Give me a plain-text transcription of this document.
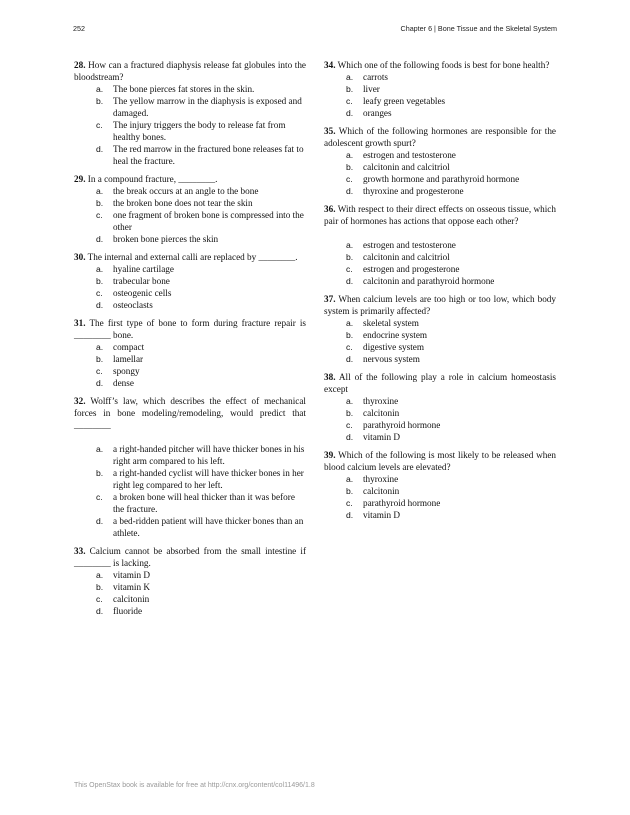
252	Chapter 6 | Bone Tissue and the Skeletal System
28. How can a fractured diaphysis release fat globules into the bloodstream?
a. The bone pierces fat stores in the skin.
b. The yellow marrow in the diaphysis is exposed and damaged.
c. The injury triggers the body to release fat from healthy bones.
d. The red marrow in the fractured bone releases fat to heal the fracture.
29. In a compound fracture, ________.
a. the break occurs at an angle to the bone
b. the broken bone does not tear the skin
c. one fragment of broken bone is compressed into the other
d. broken bone pierces the skin
30. The internal and external calli are replaced by ________.
a. hyaline cartilage
b. trabecular bone
c. osteogenic cells
d. osteoclasts
31. The first type of bone to form during fracture repair is ________ bone.
a. compact
b. lamellar
c. spongy
d. dense
32. Wolff’s law, which describes the effect of mechanical forces in bone modeling/remodeling, would predict that ________
a. a right-handed pitcher will have thicker bones in his right arm compared to his left.
b. a right-handed cyclist will have thicker bones in her right leg compared to her left.
c. a broken bone will heal thicker than it was before the fracture.
d. a bed-ridden patient will have thicker bones than an athlete.
33. Calcium cannot be absorbed from the small intestine if ________ is lacking.
a. vitamin D
b. vitamin K
c. calcitonin
d. fluoride
34. Which one of the following foods is best for bone health?
a. carrots
b. liver
c. leafy green vegetables
d. oranges
35. Which of the following hormones are responsible for the adolescent growth spurt?
a. estrogen and testosterone
b. calcitonin and calcitriol
c. growth hormone and parathyroid hormone
d. thyroxine and progesterone
36. With respect to their direct effects on osseous tissue, which pair of hormones has actions that oppose each other?
a. estrogen and testosterone
b. calcitonin and calcitriol
c. estrogen and progesterone
d. calcitonin and parathyroid hormone
37. When calcium levels are too high or too low, which body system is primarily affected?
a. skeletal system
b. endocrine system
c. digestive system
d. nervous system
38. All of the following play a role in calcium homeostasis except
a. thyroxine
b. calcitonin
c. parathyroid hormone
d. vitamin D
39. Which of the following is most likely to be released when blood calcium levels are elevated?
a. thyroxine
b. calcitonin
c. parathyroid hormone
d. vitamin D
This OpenStax book is available for free at http://cnx.org/content/col11496/1.8
